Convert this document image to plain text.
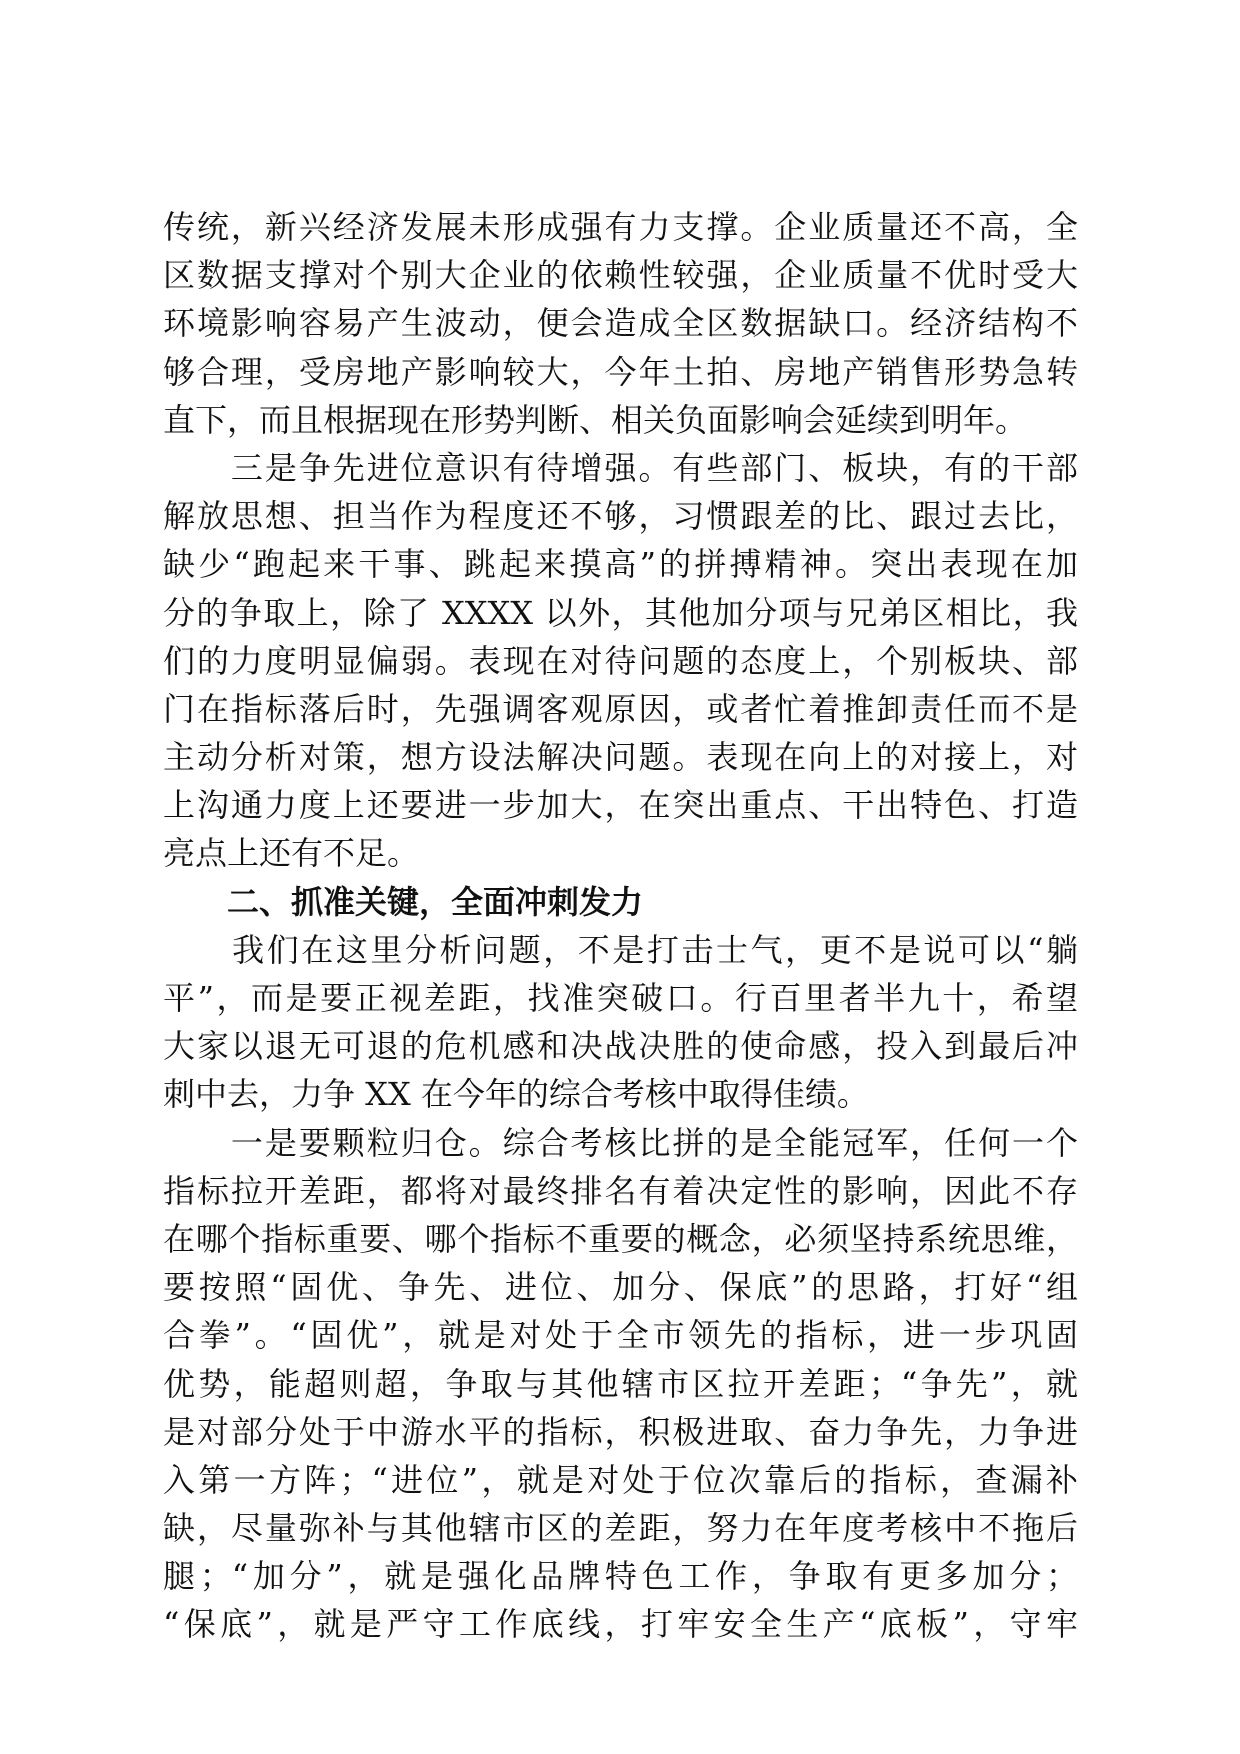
传统，新兴经济发展未形成强有力支撑。企业质量还不高，全
区数据支撑对个别大企业的依赖性较强，企业质量不优时受大
环境影响容易产生波动，便会造成全区数据缺口。经济结构不
够合理，受房地产影响较大，今年土拍、房地产销售形势急转
直下，而且根据现在形势判断、相关负面影响会延续到明年。
　　三是争先进位意识有待增强。有些部门、板块，有的干部
解放思想、担当作为程度还不够，习惯跟差的比、跟过去比，
缺少“跑起来干事、跳起来摸高”的拼搏精神。突出表现在加
分的争取上，除了 XXXX 以外，其他加分项与兄弟区相比，我
们的力度明显偏弱。表现在对待问题的态度上，个别板块、部
门在指标落后时，先强调客观原因，或者忙着推卸责任而不是
主动分析对策，想方设法解决问题。表现在向上的对接上，对
上沟通力度上还要进一步加大，在突出重点、干出特色、打造
亮点上还有不足。
二、抓准关键，全面冲刺发力
　　我们在这里分析问题，不是打击士气，更不是说可以“躺
平”，而是要正视差距，找准突破口。行百里者半九十，希望
大家以退无可退的危机感和决战决胜的使命感，投入到最后冲
刺中去，力争 XX 在今年的综合考核中取得佳绩。
　　一是要颗粒归仓。综合考核比拼的是全能冠军，任何一个
指标拉开差距，都将对最终排名有着决定性的影响，因此不存
在哪个指标重要、哪个指标不重要的概念，必须坚持系统思维，
要按照“固优、争先、进位、加分、保底”的思路，打好“组
合拳”。“固优”，就是对处于全市领先的指标，进一步巩固
优势，能超则超，争取与其他辖市区拉开差距；“争先”，就
是对部分处于中游水平的指标，积极进取、奋力争先，力争进
入第一方阵；“进位”，就是对处于位次靠后的指标，查漏补
缺，尽量弥补与其他辖市区的差距，努力在年度考核中不拖后
腿；“加分”，就是强化品牌特色工作，争取有更多加分；
“保底”，就是严守工作底线，打牢安全生产“底板”，守牢
